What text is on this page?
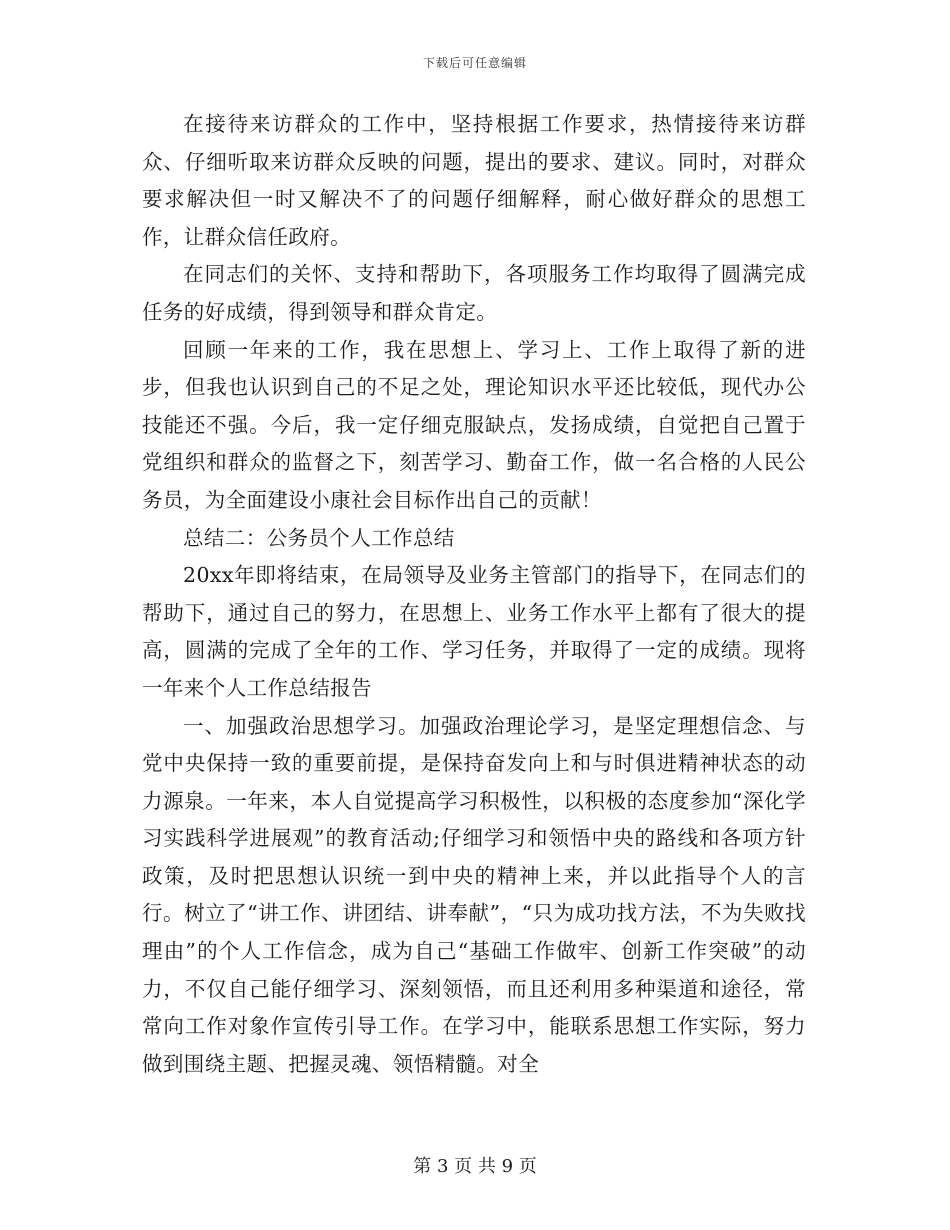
下载后可任意编辑

在接待来访群众的工作中，坚持根据工作要求，热情接待来访群众、仔细听取来访群众反映的问题，提出的要求、建议。同时，对群众要求解决但一时又解决不了的问题仔细解释，耐心做好群众的思想工作，让群众信任政府。

在同志们的关怀、支持和帮助下，各项服务工作均取得了圆满完成任务的好成绩，得到领导和群众肯定。

回顾一年来的工作，我在思想上、学习上、工作上取得了新的进步，但我也认识到自己的不足之处，理论知识水平还比较低，现代办公技能还不强。今后，我一定仔细克服缺点，发扬成绩，自觉把自己置于党组织和群众的监督之下，刻苦学习、勤奋工作，做一名合格的人民公务员，为全面建设小康社会目标作出自己的贡献！

总结二：公务员个人工作总结

20xx年即将结束，在局领导及业务主管部门的指导下，在同志们的帮助下，通过自己的努力，在思想上、业务工作水平上都有了很大的提高，圆满的完成了全年的工作、学习任务，并取得了一定的成绩。现将一年来个人工作总结报告

一、加强政治思想学习。加强政治理论学习，是坚定理想信念、与党中央保持一致的重要前提，是保持奋发向上和与时俱进精神状态的动力源泉。一年来，本人自觉提高学习积极性，以积极的态度参加“深化学习实践科学进展观”的教育活动;仔细学习和领悟中央的路线和各项方针政策，及时把思想认识统一到中央的精神上来，并以此指导个人的言行。树立了“讲工作、讲团结、讲奉献”，“只为成功找方法，不为失败找理由”的个人工作信念，成为自己“基础工作做牢、创新工作突破”的动力，不仅自己能仔细学习、深刻领悟，而且还利用多种渠道和途径，常常向工作对象作宣传引导工作。在学习中，能联系思想工作实际，努力做到围绕主题、把握灵魂、领悟精髓。对全

第 3 页 共 9 页
